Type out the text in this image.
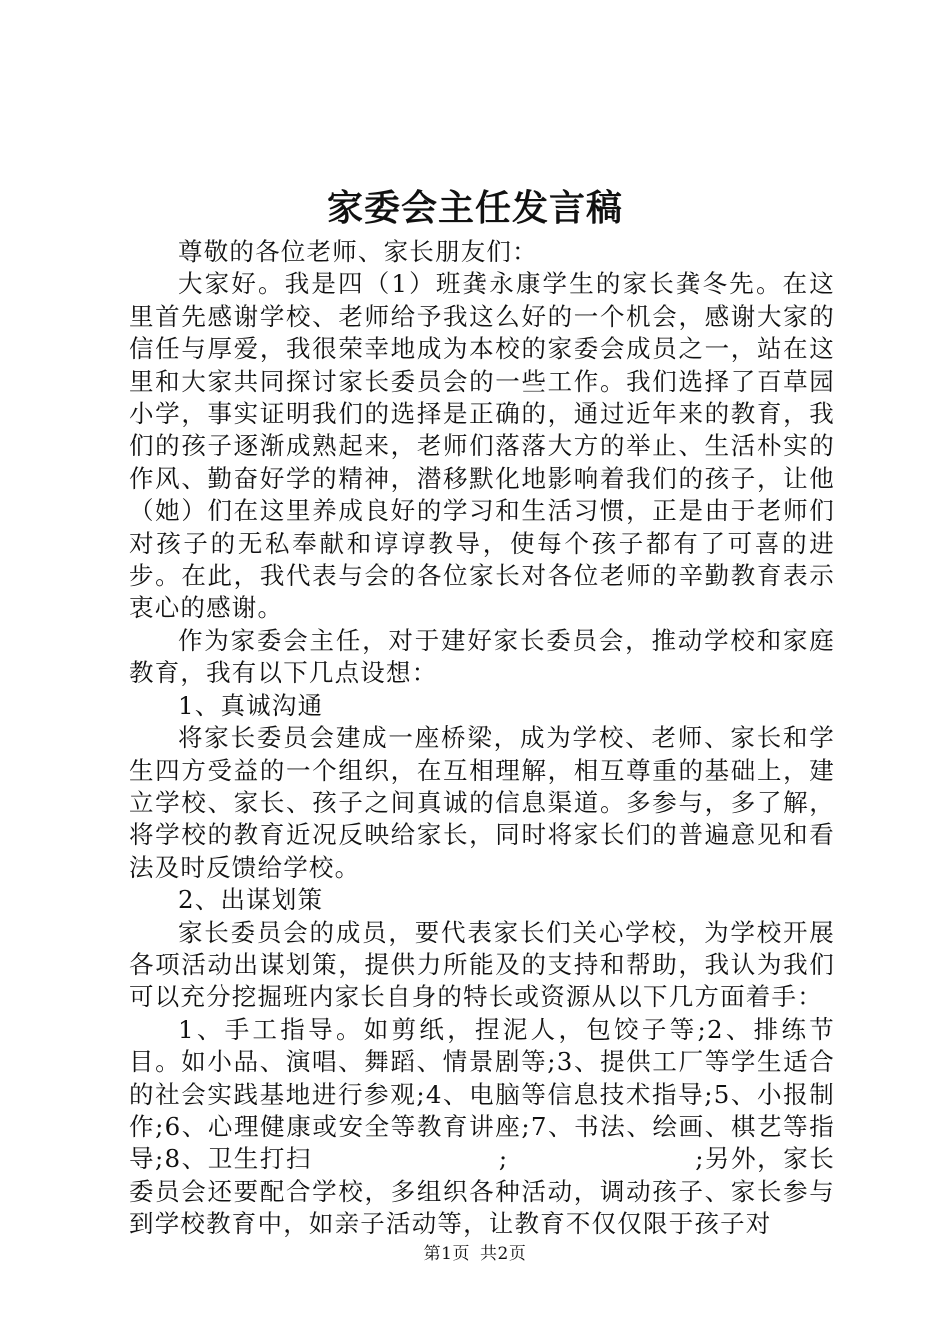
家委会主任发言稿

尊敬的各位老师、家长朋友们：

大家好。我是四（1）班龚永康学生的家长龚冬先。在这里首先感谢学校、老师给予我这么好的一个机会，感谢大家的信任与厚爱，我很荣幸地成为本校的家委会成员之一，站在这里和大家共同探讨家长委员会的一些工作。我们选择了百草园小学，事实证明我们的选择是正确的，通过近年来的教育，我们的孩子逐渐成熟起来，老师们落落大方的举止、生活朴实的作风、勤奋好学的精神，潜移默化地影响着我们的孩子，让他（她）们在这里养成良好的学习和生活习惯，正是由于老师们对孩子的无私奉献和谆谆教导，使每个孩子都有了可喜的进步。在此，我代表与会的各位家长对各位老师的辛勤教育表示衷心的感谢。

作为家委会主任，对于建好家长委员会，推动学校和家庭教育，我有以下几点设想：

1、真诚沟通

将家长委员会建成一座桥梁，成为学校、老师、家长和学生四方受益的一个组织，在互相理解，相互尊重的基础上，建立学校、家长、孩子之间真诚的信息渠道。多参与，多了解，将学校的教育近况反映给家长，同时将家长们的普遍意见和看法及时反馈给学校。

2、出谋划策

家长委员会的成员，要代表家长们关心学校，为学校开展各项活动出谋划策，提供力所能及的支持和帮助，我认为我们可以充分挖掘班内家长自身的特长或资源从以下几方面着手：

1、手工指导。如剪纸，捏泥人，包饺子等;2、排练节目。如小品、演唱、舞蹈、情景剧等;3、提供工厂等学生适合的社会实践基地进行参观;4、电脑等信息技术指导;5、小报制作;6、心理健康或安全等教育讲座;7、书法、绘画、棋艺等指导;8、卫生打扫                    ;                    ;另外，家长委员会还要配合学校，多组织各种活动，调动孩子、家长参与到学校教育中，如亲子活动等，让教育不仅仅限于孩子对

第1页 共2页
